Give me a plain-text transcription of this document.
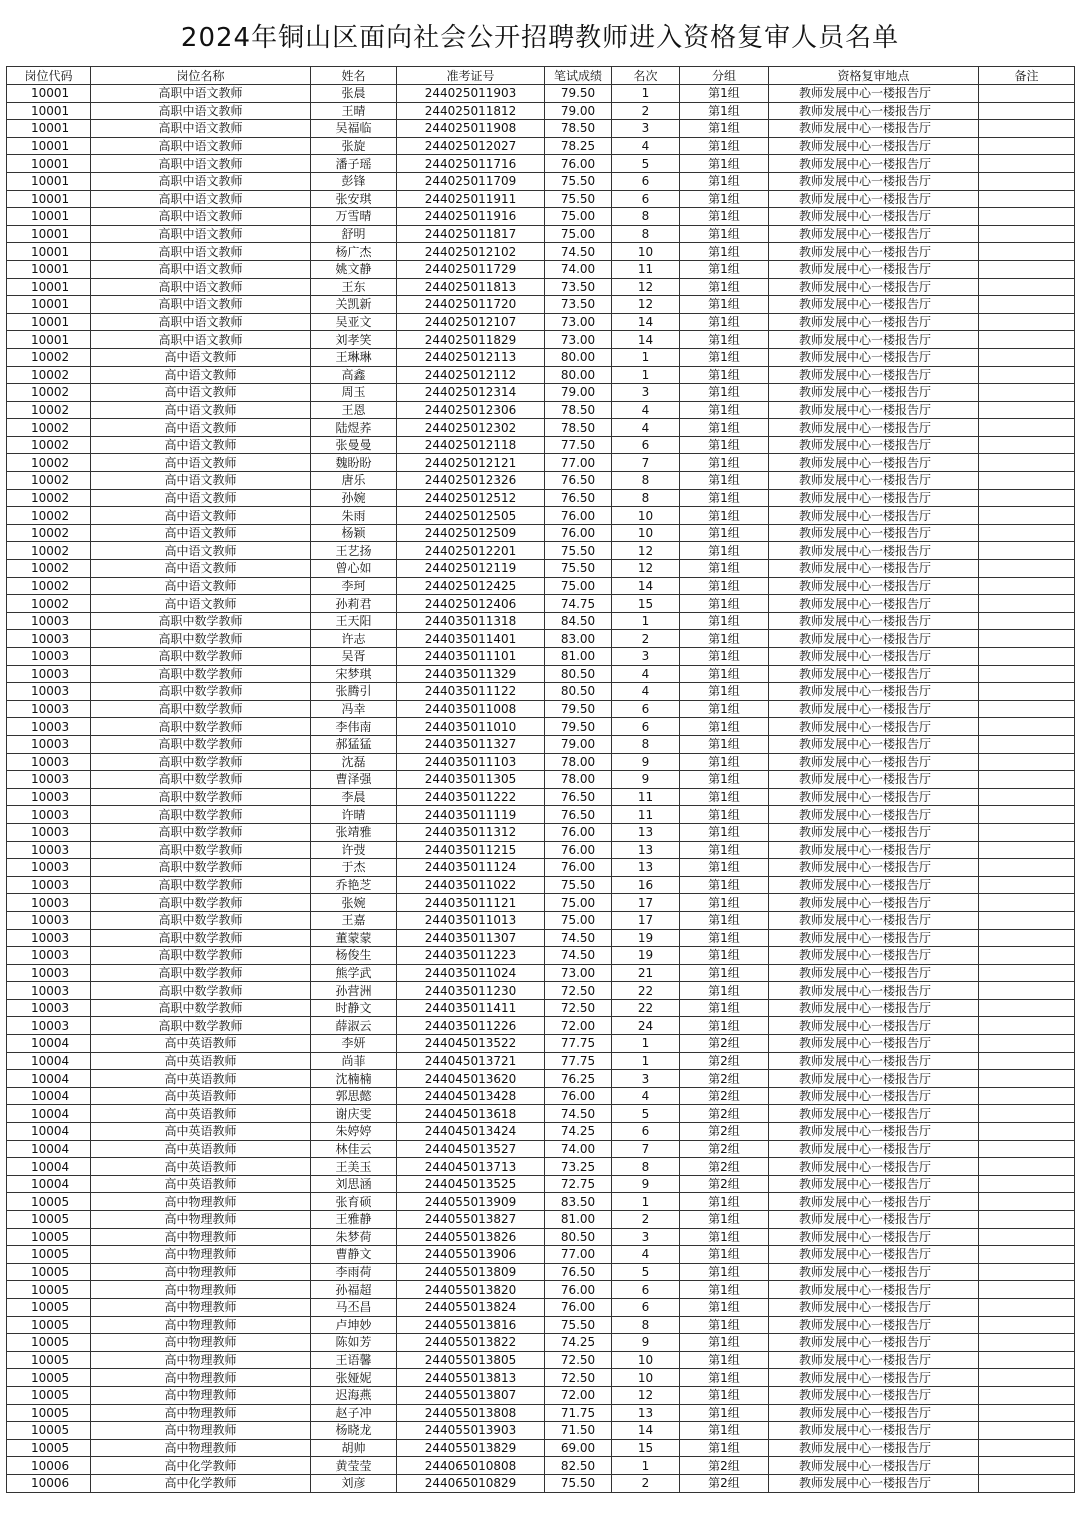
2024年铜山区面向社会公开招聘教师进入资格复审人员名单
岗位代码	岗位名称	姓名	准考证号	笔试成绩	名次	分组	资格复审地点	备注
10001	高职中语文教师	张晨	244025011903	79.50	1	第1组	教师发展中心一楼报告厅	
10001	高职中语文教师	王晴	244025011812	79.00	2	第1组	教师发展中心一楼报告厅	
10001	高职中语文教师	吴福临	244025011908	78.50	3	第1组	教师发展中心一楼报告厅	
10001	高职中语文教师	张旋	244025012027	78.25	4	第1组	教师发展中心一楼报告厅	
10001	高职中语文教师	潘子瑶	244025011716	76.00	5	第1组	教师发展中心一楼报告厅	
10001	高职中语文教师	彭锋	244025011709	75.50	6	第1组	教师发展中心一楼报告厅	
10001	高职中语文教师	张安琪	244025011911	75.50	6	第1组	教师发展中心一楼报告厅	
10001	高职中语文教师	万雪晴	244025011916	75.00	8	第1组	教师发展中心一楼报告厅	
10001	高职中语文教师	舒明	244025011817	75.00	8	第1组	教师发展中心一楼报告厅	
10001	高职中语文教师	杨广杰	244025012102	74.50	10	第1组	教师发展中心一楼报告厅	
10001	高职中语文教师	姚文静	244025011729	74.00	11	第1组	教师发展中心一楼报告厅	
10001	高职中语文教师	王东	244025011813	73.50	12	第1组	教师发展中心一楼报告厅	
10001	高职中语文教师	关凯新	244025011720	73.50	12	第1组	教师发展中心一楼报告厅	
10001	高职中语文教师	吴亚文	244025012107	73.00	14	第1组	教师发展中心一楼报告厅	
10001	高职中语文教师	刘孝笑	244025011829	73.00	14	第1组	教师发展中心一楼报告厅	
10002	高中语文教师	王琳琳	244025012113	80.00	1	第1组	教师发展中心一楼报告厅	
10002	高中语文教师	高鑫	244025012112	80.00	1	第1组	教师发展中心一楼报告厅	
10002	高中语文教师	周玉	244025012314	79.00	3	第1组	教师发展中心一楼报告厅	
10002	高中语文教师	王恩	244025012306	78.50	4	第1组	教师发展中心一楼报告厅	
10002	高中语文教师	陆煜荞	244025012302	78.50	4	第1组	教师发展中心一楼报告厅	
10002	高中语文教师	张曼曼	244025012118	77.50	6	第1组	教师发展中心一楼报告厅	
10002	高中语文教师	魏盼盼	244025012121	77.00	7	第1组	教师发展中心一楼报告厅	
10002	高中语文教师	唐乐	244025012326	76.50	8	第1组	教师发展中心一楼报告厅	
10002	高中语文教师	孙婉	244025012512	76.50	8	第1组	教师发展中心一楼报告厅	
10002	高中语文教师	朱雨	244025012505	76.00	10	第1组	教师发展中心一楼报告厅	
10002	高中语文教师	杨颖	244025012509	76.00	10	第1组	教师发展中心一楼报告厅	
10002	高中语文教师	王艺扬	244025012201	75.50	12	第1组	教师发展中心一楼报告厅	
10002	高中语文教师	曾心如	244025012119	75.50	12	第1组	教师发展中心一楼报告厅	
10002	高中语文教师	李珂	244025012425	75.00	14	第1组	教师发展中心一楼报告厅	
10002	高中语文教师	孙莉君	244025012406	74.75	15	第1组	教师发展中心一楼报告厅	
10003	高职中数学教师	王天阳	244035011318	84.50	1	第1组	教师发展中心一楼报告厅	
10003	高职中数学教师	许志	244035011401	83.00	2	第1组	教师发展中心一楼报告厅	
10003	高职中数学教师	吴胥	244035011101	81.00	3	第1组	教师发展中心一楼报告厅	
10003	高职中数学教师	宋梦琪	244035011329	80.50	4	第1组	教师发展中心一楼报告厅	
10003	高职中数学教师	张腾引	244035011122	80.50	4	第1组	教师发展中心一楼报告厅	
10003	高职中数学教师	冯幸	244035011008	79.50	6	第1组	教师发展中心一楼报告厅	
10003	高职中数学教师	李伟南	244035011010	79.50	6	第1组	教师发展中心一楼报告厅	
10003	高职中数学教师	郝猛猛	244035011327	79.00	8	第1组	教师发展中心一楼报告厅	
10003	高职中数学教师	沈磊	244035011103	78.00	9	第1组	教师发展中心一楼报告厅	
10003	高职中数学教师	曹泽强	244035011305	78.00	9	第1组	教师发展中心一楼报告厅	
10003	高职中数学教师	李晨	244035011222	76.50	11	第1组	教师发展中心一楼报告厅	
10003	高职中数学教师	许晴	244035011119	76.50	11	第1组	教师发展中心一楼报告厅	
10003	高职中数学教师	张靖雅	244035011312	76.00	13	第1组	教师发展中心一楼报告厅	
10003	高职中数学教师	许弢	244035011215	76.00	13	第1组	教师发展中心一楼报告厅	
10003	高职中数学教师	于杰	244035011124	76.00	13	第1组	教师发展中心一楼报告厅	
10003	高职中数学教师	乔艳芝	244035011022	75.50	16	第1组	教师发展中心一楼报告厅	
10003	高职中数学教师	张婉	244035011121	75.00	17	第1组	教师发展中心一楼报告厅	
10003	高职中数学教师	王嘉	244035011013	75.00	17	第1组	教师发展中心一楼报告厅	
10003	高职中数学教师	董蒙蒙	244035011307	74.50	19	第1组	教师发展中心一楼报告厅	
10003	高职中数学教师	杨俊生	244035011223	74.50	19	第1组	教师发展中心一楼报告厅	
10003	高职中数学教师	熊学武	244035011024	73.00	21	第1组	教师发展中心一楼报告厅	
10003	高职中数学教师	孙营洲	244035011230	72.50	22	第1组	教师发展中心一楼报告厅	
10003	高职中数学教师	时静文	244035011411	72.50	22	第1组	教师发展中心一楼报告厅	
10003	高职中数学教师	薛淑云	244035011226	72.00	24	第1组	教师发展中心一楼报告厅	
10004	高中英语教师	李妍	244045013522	77.75	1	第2组	教师发展中心一楼报告厅	
10004	高中英语教师	尚菲	244045013721	77.75	1	第2组	教师发展中心一楼报告厅	
10004	高中英语教师	沈楠楠	244045013620	76.25	3	第2组	教师发展中心一楼报告厅	
10004	高中英语教师	郭思懿	244045013428	76.00	4	第2组	教师发展中心一楼报告厅	
10004	高中英语教师	谢庆雯	244045013618	74.50	5	第2组	教师发展中心一楼报告厅	
10004	高中英语教师	朱婷婷	244045013424	74.25	6	第2组	教师发展中心一楼报告厅	
10004	高中英语教师	林佳云	244045013527	74.00	7	第2组	教师发展中心一楼报告厅	
10004	高中英语教师	王美玉	244045013713	73.25	8	第2组	教师发展中心一楼报告厅	
10004	高中英语教师	刘思涵	244045013525	72.75	9	第2组	教师发展中心一楼报告厅	
10005	高中物理教师	张育硕	244055013909	83.50	1	第1组	教师发展中心一楼报告厅	
10005	高中物理教师	王雅静	244055013827	81.00	2	第1组	教师发展中心一楼报告厅	
10005	高中物理教师	朱梦荷	244055013826	80.50	3	第1组	教师发展中心一楼报告厅	
10005	高中物理教师	曹静文	244055013906	77.00	4	第1组	教师发展中心一楼报告厅	
10005	高中物理教师	李雨荷	244055013809	76.50	5	第1组	教师发展中心一楼报告厅	
10005	高中物理教师	孙福超	244055013820	76.00	6	第1组	教师发展中心一楼报告厅	
10005	高中物理教师	马丕昌	244055013824	76.00	6	第1组	教师发展中心一楼报告厅	
10005	高中物理教师	卢坤妙	244055013816	75.50	8	第1组	教师发展中心一楼报告厅	
10005	高中物理教师	陈如芳	244055013822	74.25	9	第1组	教师发展中心一楼报告厅	
10005	高中物理教师	王语馨	244055013805	72.50	10	第1组	教师发展中心一楼报告厅	
10005	高中物理教师	张娅妮	244055013813	72.50	10	第1组	教师发展中心一楼报告厅	
10005	高中物理教师	迟海燕	244055013807	72.00	12	第1组	教师发展中心一楼报告厅	
10005	高中物理教师	赵子冲	244055013808	71.75	13	第1组	教师发展中心一楼报告厅	
10005	高中物理教师	杨晓龙	244055013903	71.50	14	第1组	教师发展中心一楼报告厅	
10005	高中物理教师	胡帅	244055013829	69.00	15	第1组	教师发展中心一楼报告厅	
10006	高中化学教师	黄莹莹	244065010808	82.50	1	第2组	教师发展中心一楼报告厅	
10006	高中化学教师	刘彦	244065010829	75.50	2	第2组	教师发展中心一楼报告厅	
